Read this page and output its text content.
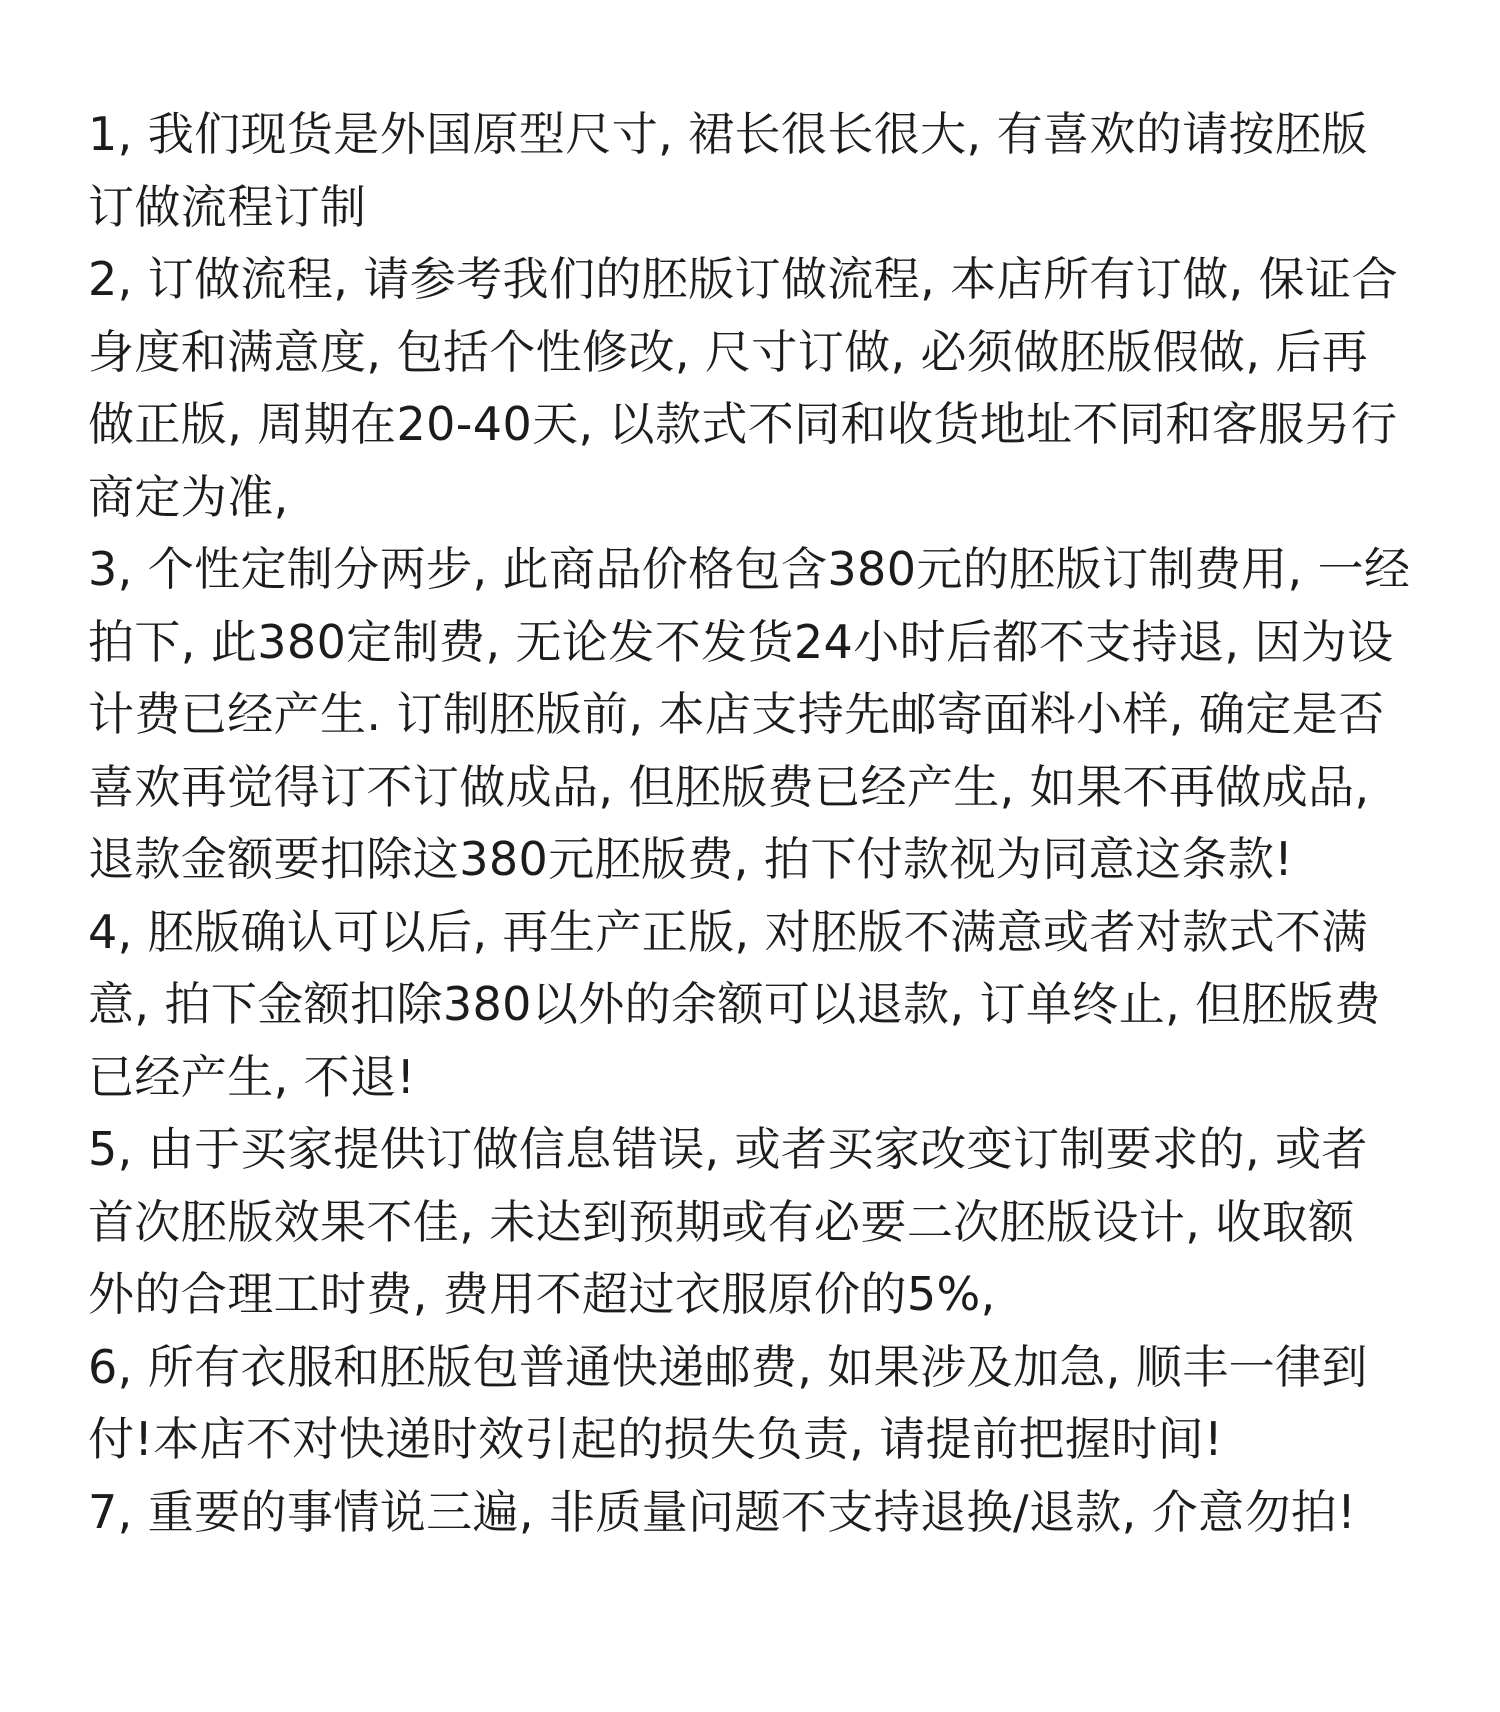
1, 我们现货是外国原型尺寸, 裙长很长很大, 有喜欢的请按胚版
订做流程订制
2, 订做流程, 请参考我们的胚版订做流程, 本店所有订做, 保证合
身度和满意度, 包括个性修改, 尺寸订做, 必须做胚版假做, 后再
做正版, 周期在20-40天, 以款式不同和收货地址不同和客服另行
商定为准,
3, 个性定制分两步, 此商品价格包含380元的胚版订制费用, 一经
拍下, 此380定制费, 无论发不发货24小时后都不支持退, 因为设
计费已经产生. 订制胚版前, 本店支持先邮寄面料小样, 确定是否
喜欢再觉得订不订做成品, 但胚版费已经产生, 如果不再做成品,
退款金额要扣除这380元胚版费, 拍下付款视为同意这条款!
4, 胚版确认可以后, 再生产正版, 对胚版不满意或者对款式不满
意, 拍下金额扣除380以外的余额可以退款, 订单终止, 但胚版费
已经产生, 不退!
5, 由于买家提供订做信息错误, 或者买家改变订制要求的, 或者
首次胚版效果不佳, 未达到预期或有必要二次胚版设计, 收取额
外的合理工时费, 费用不超过衣服原价的5%,
6, 所有衣服和胚版包普通快递邮费, 如果涉及加急, 顺丰一律到
付!本店不对快递时效引起的损失负责, 请提前把握时间!
7, 重要的事情说三遍, 非质量问题不支持退换/退款, 介意勿拍!
